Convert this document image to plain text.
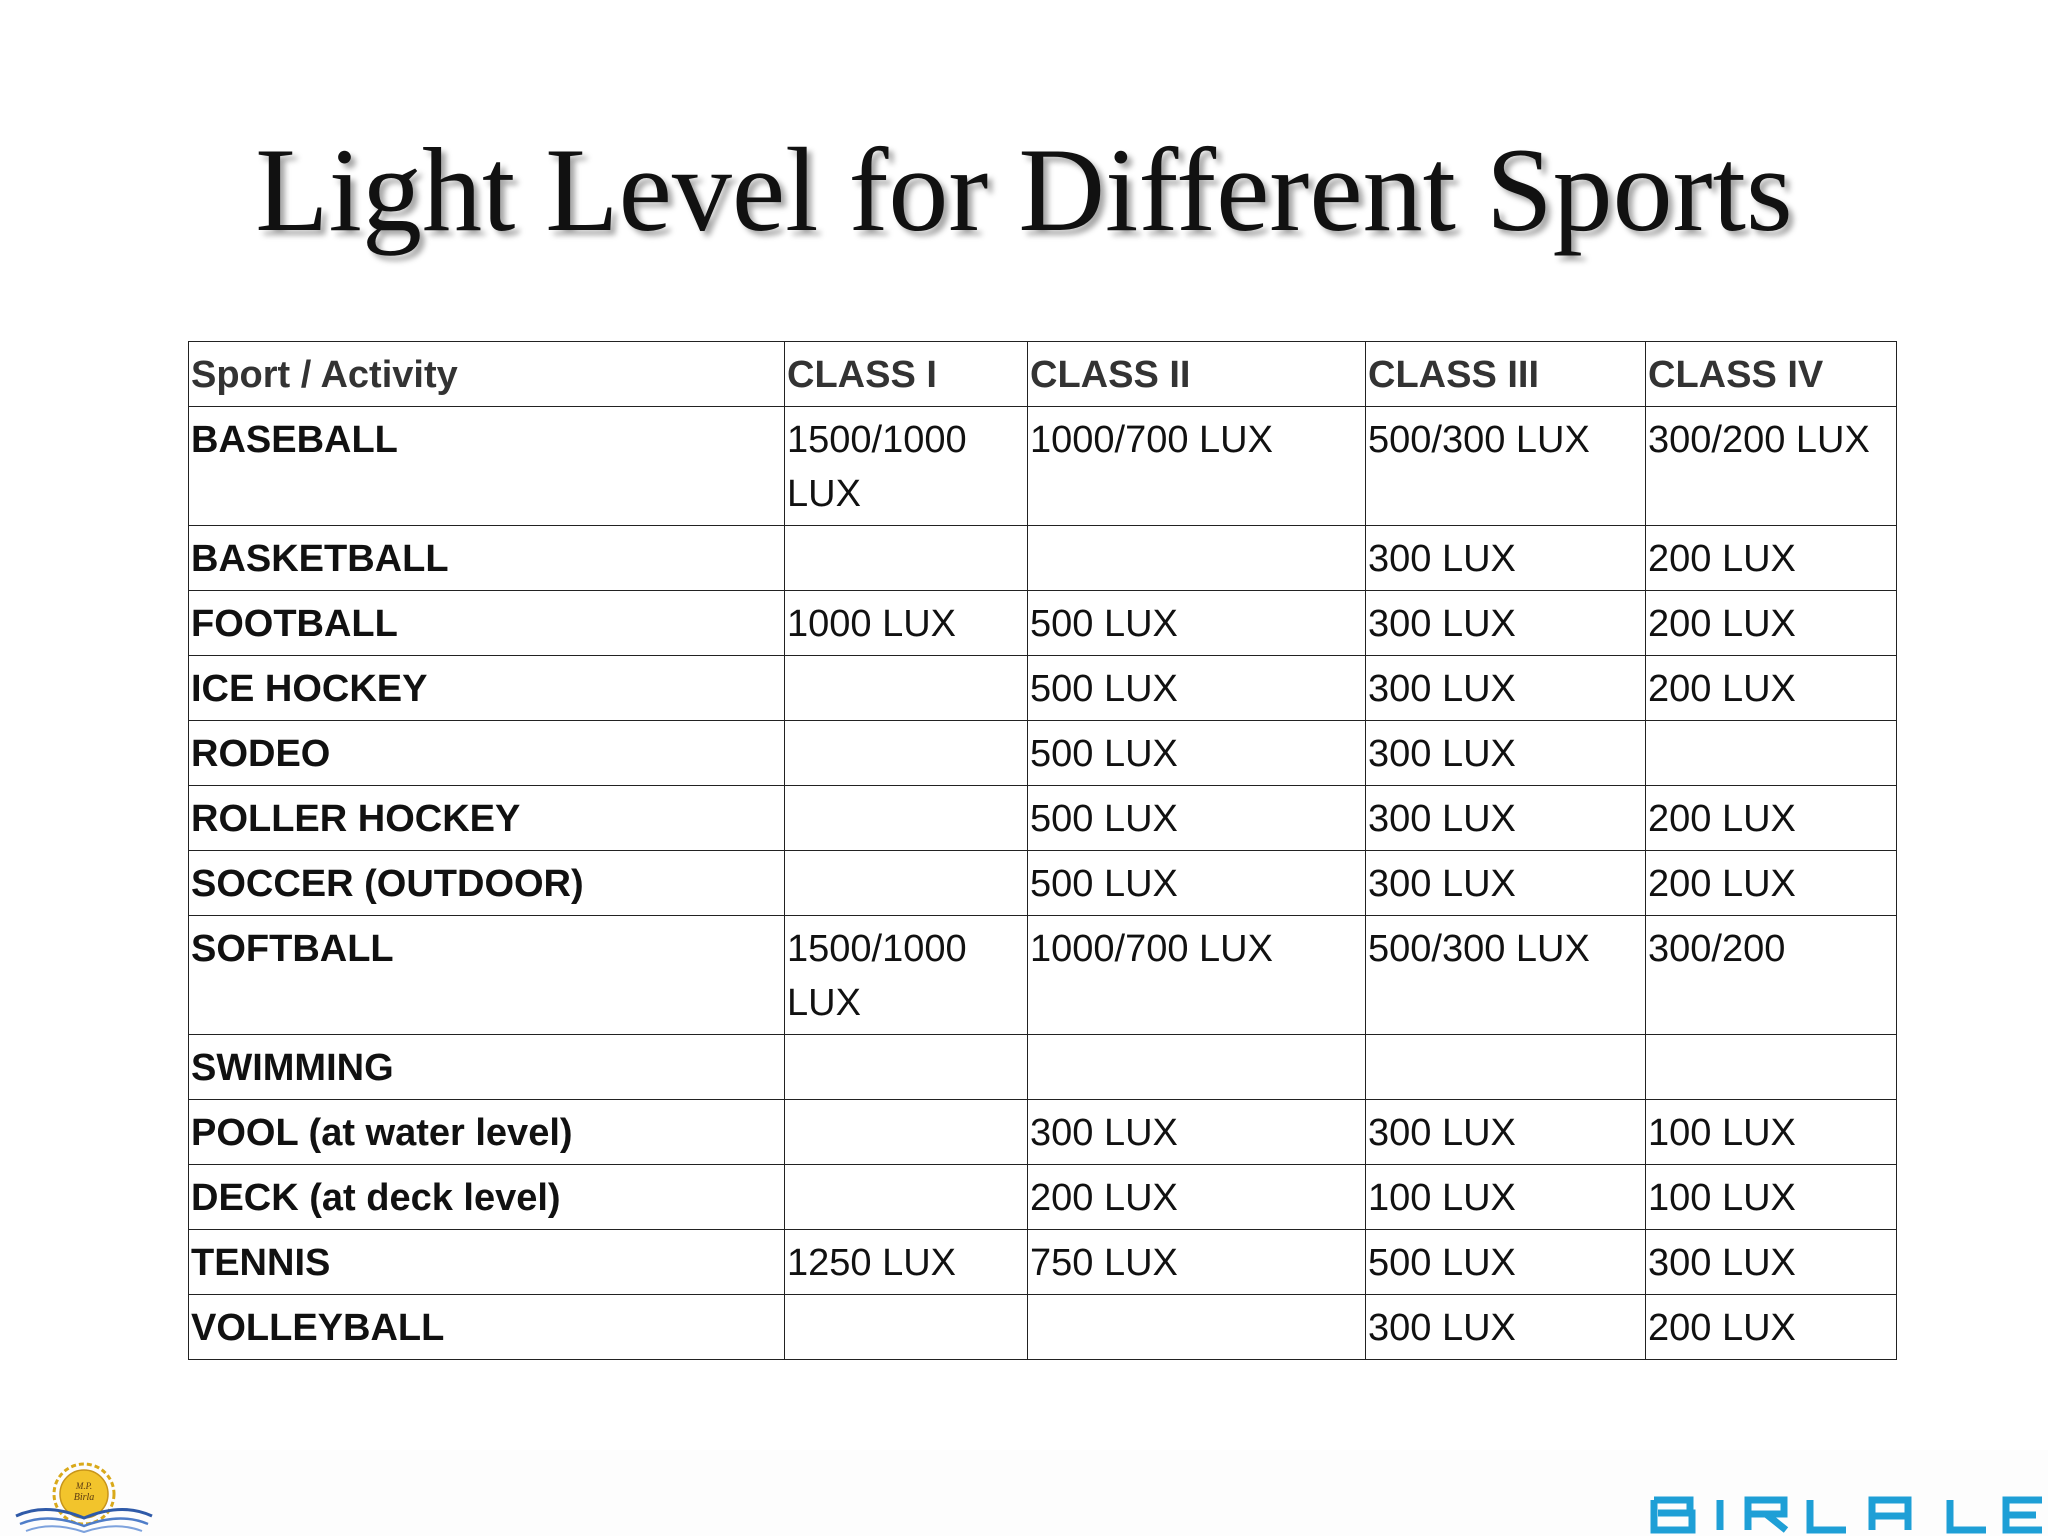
Light Level for Different Sports
Sport / Activity	CLASS I	CLASS II	CLASS III	CLASS IV
BASEBALL	1500/1000 LUX	1000/700 LUX	500/300 LUX	300/200 LUX
BASKETBALL			300 LUX	200 LUX
FOOTBALL	1000 LUX	500 LUX	300 LUX	200 LUX
ICE HOCKEY		500 LUX	300 LUX	200 LUX
RODEO		500 LUX	300 LUX	
ROLLER HOCKEY		500 LUX	300 LUX	200 LUX
SOCCER (OUTDOOR)		500 LUX	300 LUX	200 LUX
SOFTBALL	1500/1000 LUX	1000/700 LUX	500/300 LUX	300/200
SWIMMING				
POOL (at water level)		300 LUX	300 LUX	100 LUX
DECK (at deck level)		200 LUX	100 LUX	100 LUX
TENNIS	1250 LUX	750 LUX	500 LUX	300 LUX
VOLLEYBALL			300 LUX	200 LUX
M.P.
Birla
